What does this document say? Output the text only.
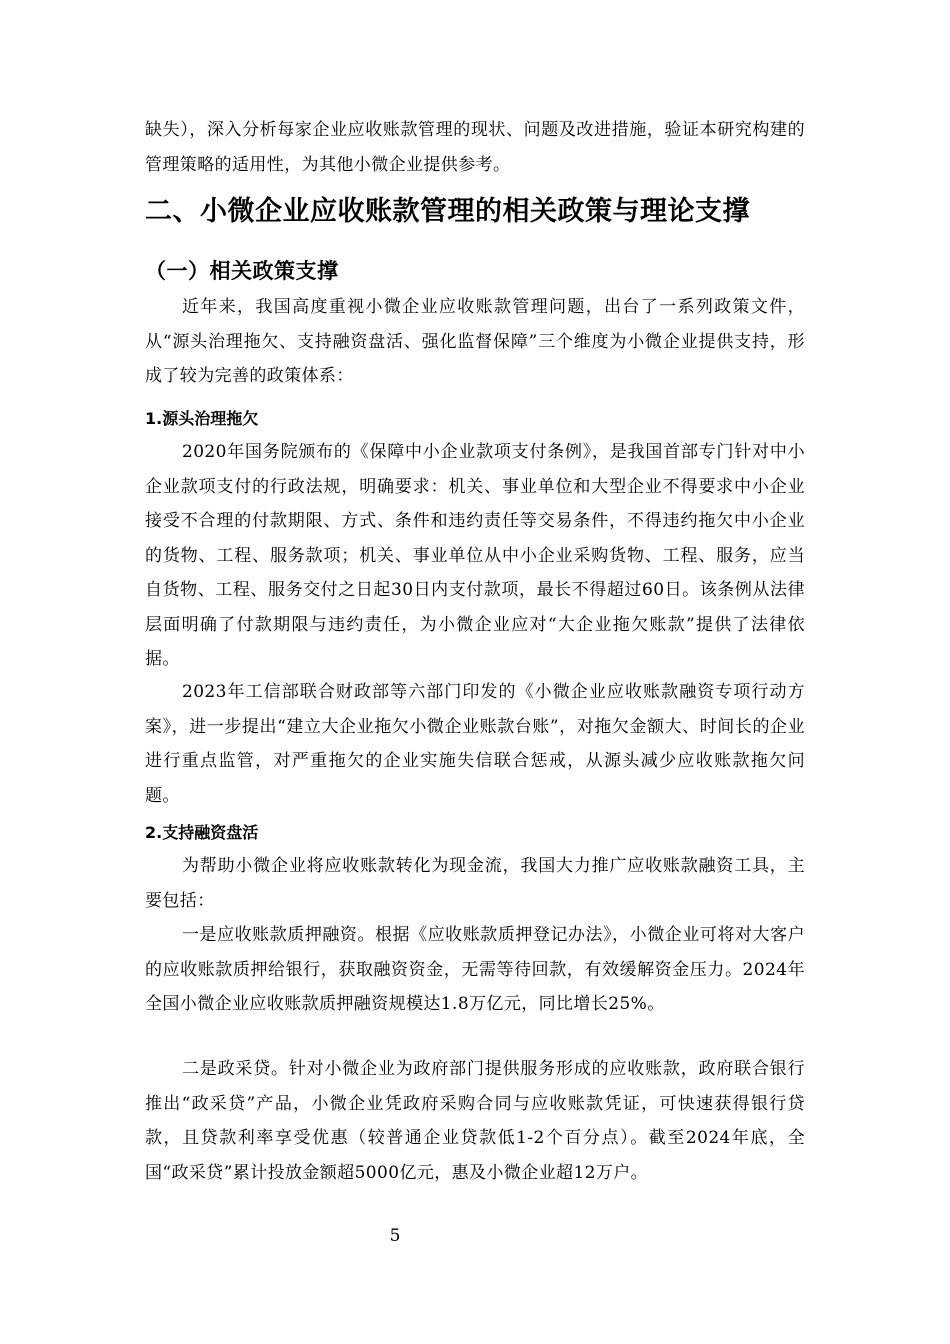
缺失），深入分析每家企业应收账款管理的现状、问题及改进措施，验证本研究构建的管理策略的适用性，为其他小微企业提供参考。

二、小微企业应收账款管理的相关政策与理论支撑
（一）相关政策支撑

近年来，我国高度重视小微企业应收账款管理问题，出台了一系列政策文件，从“源头治理拖欠、支持融资盘活、强化监督保障”三个维度为小微企业提供支持，形成了较为完善的政策体系：

1.源头治理拖欠

2020年国务院颁布的《保障中小企业款项支付条例》，是我国首部专门针对中小企业款项支付的行政法规，明确要求：机关、事业单位和大型企业不得要求中小企业接受不合理的付款期限、方式、条件和违约责任等交易条件，不得违约拖欠中小企业的货物、工程、服务款项；机关、事业单位从中小企业采购货物、工程、服务，应当自货物、工程、服务交付之日起30日内支付款项，最长不得超过60日。该条例从法律层面明确了付款期限与违约责任，为小微企业应对“大企业拖欠账款”提供了法律依据。

2023年工信部联合财政部等六部门印发的《小微企业应收账款融资专项行动方案》，进一步提出“建立大企业拖欠小微企业账款台账”，对拖欠金额大、时间长的企业进行重点监管，对严重拖欠的企业实施失信联合惩戒，从源头减少应收账款拖欠问题。

2.支持融资盘活

为帮助小微企业将应收账款转化为现金流，我国大力推广应收账款融资工具，主要包括：

一是应收账款质押融资。根据《应收账款质押登记办法》，小微企业可将对大客户的应收账款质押给银行，获取融资资金，无需等待回款，有效缓解资金压力。2024年全国小微企业应收账款质押融资规模达1.8万亿元，同比增长25%。

二是政采贷。针对小微企业为政府部门提供服务形成的应收账款，政府联合银行推出“政采贷”产品，小微企业凭政府采购合同与应收账款凭证，可快速获得银行贷款，且贷款利率享受优惠（较普通企业贷款低1-2个百分点）。截至2024年底，全国“政采贷”累计投放金额超5000亿元，惠及小微企业超12万户。

5
